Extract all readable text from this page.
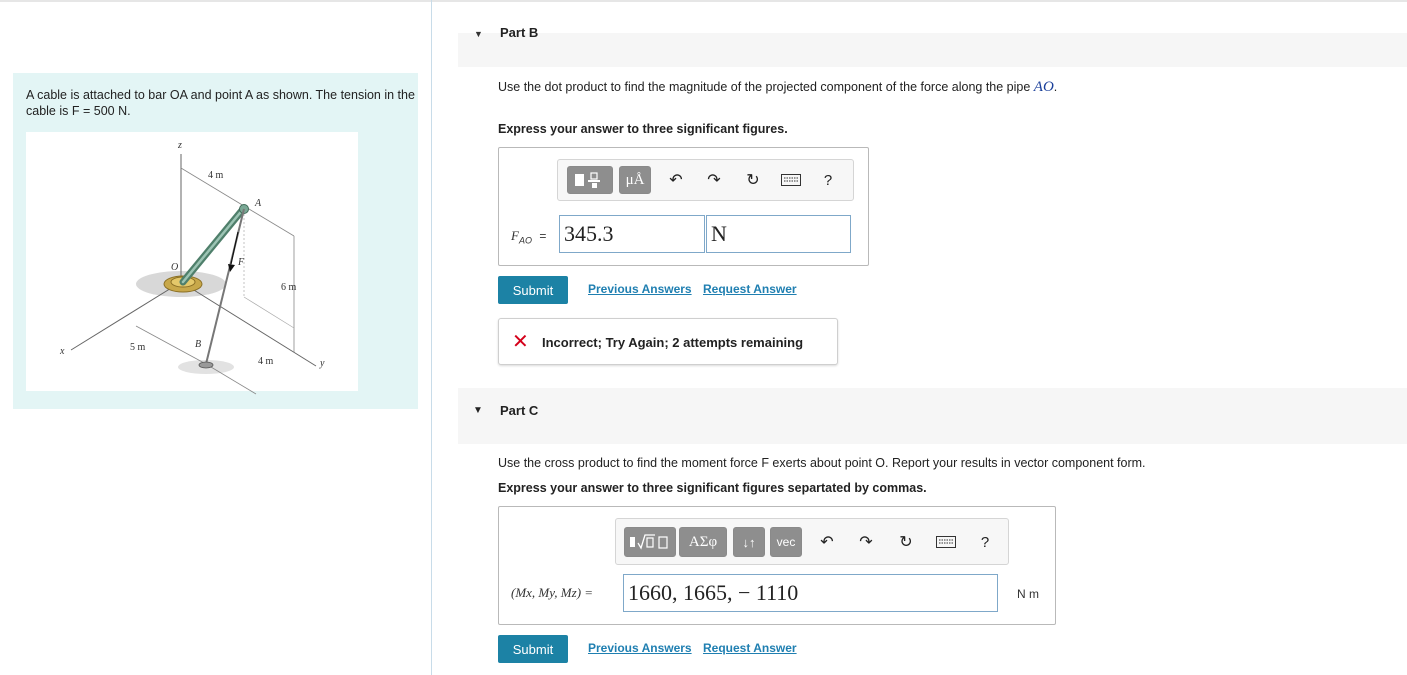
A cable is attached to bar OA and point A as shown. The tension in the cable is F = 500 N.
z
4 m
A
O	F
6 m
B
x	5 m
4 m	y
▼ Part B
Use the dot product to find the magnitude of the projected component of the force along the pipe AO.
Express your answer to three significant figures.
μÅ	↶	↷	↻	?
$F_{AO} = 345.3$	N
Submit	Previous Answers Request Answer
✕ Incorrect; Try Again; 2 attempts remaining
▼ Part C
Use the cross product to find the moment force F exerts about point O. Report your results in vector component form.
Express your answer to three significant figures separtated by commas.
ΑΣφ	↓↑	vec	↶	↷	↻	?
(Mx, My, Mz) = 1660, 1665, − 1110	N m
Submit	Previous Answers Request Answer
